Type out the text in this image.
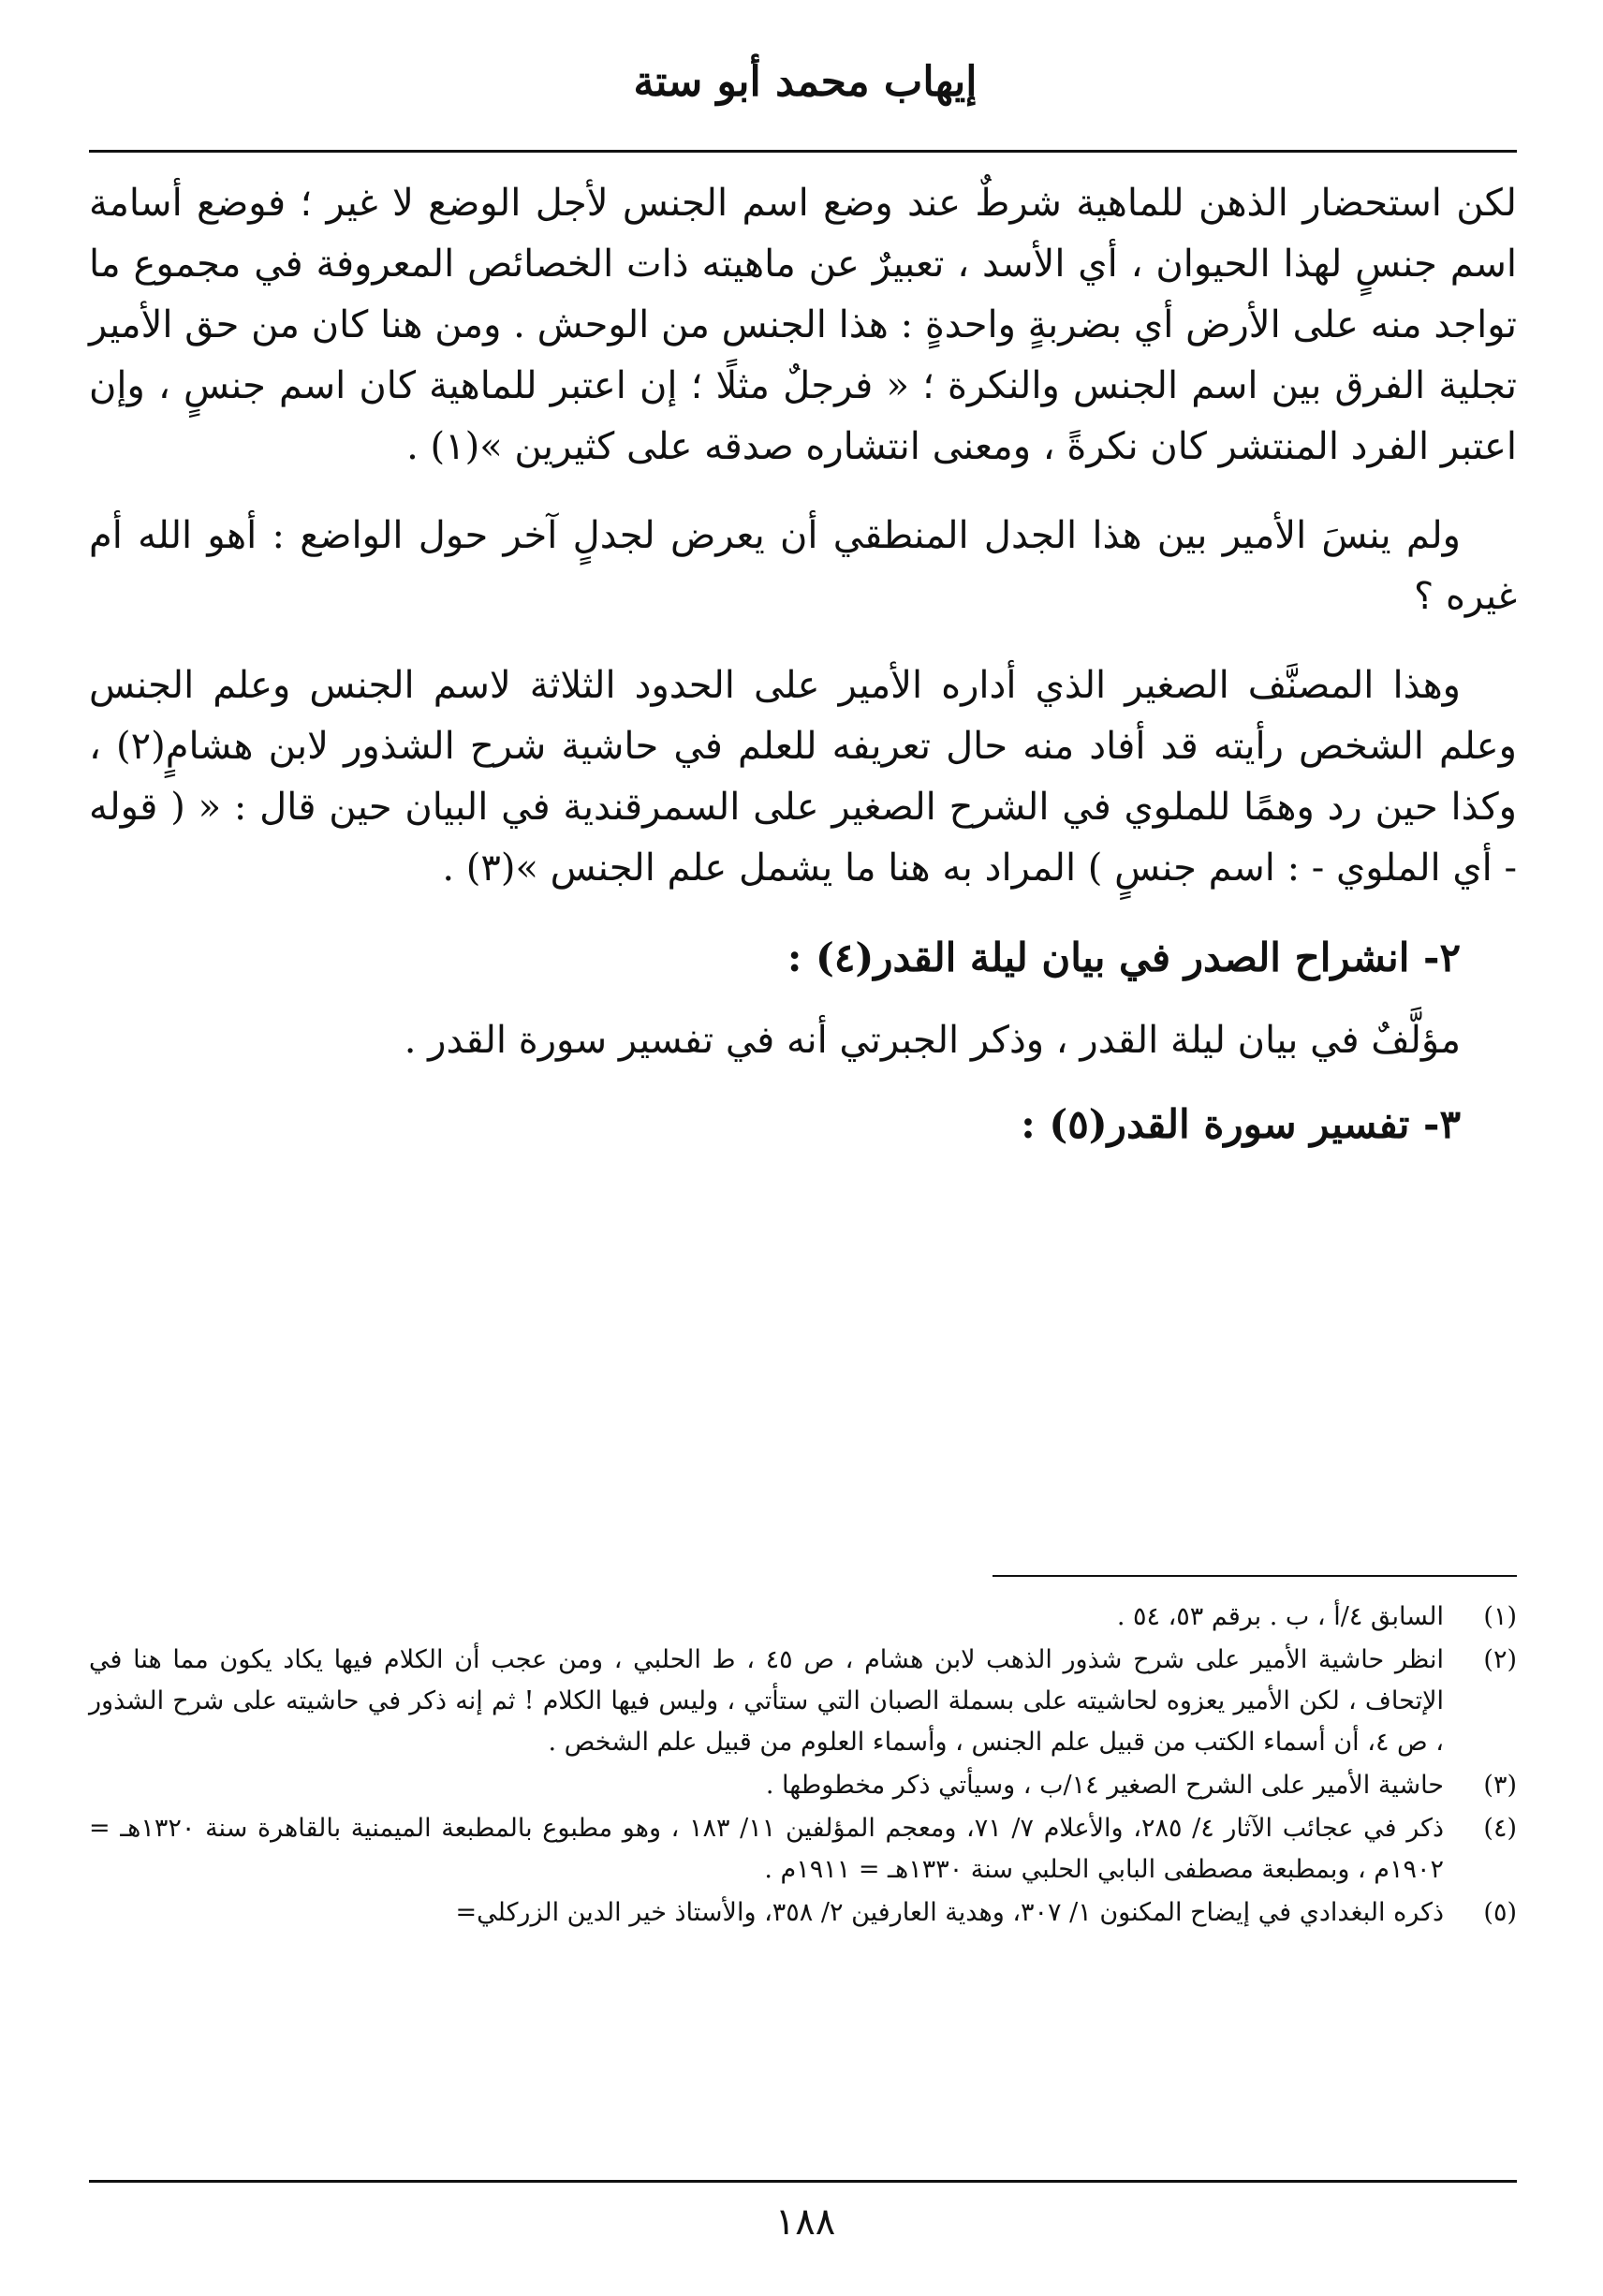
إيهاب محمد أبو ستة

لكن استحضار الذهن للماهية شرطٌ عند وضع اسم الجنس لأجل الوضع لا غير ؛ فوضع أسامة اسم جنسٍ لهذا الحيوان ، أي الأسد ، تعبيرٌ عن ماهيته ذات الخصائص المعروفة في مجموع ما تواجد منه على الأرض أي بضربةٍ واحدةٍ : هذا الجنس من الوحش . ومن هنا كان من حق الأمير تجلية الفرق بين اسم الجنس والنكرة ؛ « فرجلٌ مثلًا ؛ إن اعتبر للماهية كان اسم جنسٍ ، وإن اعتبر الفرد المنتشر كان نكرةً ، ومعنى انتشاره صدقه على كثيرين »(١) .

ولم ينسَ الأمير بين هذا الجدل المنطقي أن يعرض لجدلٍ آخر حول الواضع : أهو الله أم غيره ؟

وهذا المصنَّف الصغير الذي أداره الأمير على الحدود الثلاثة لاسم الجنس وعلم الجنس وعلم الشخص رأيته قد أفاد منه حال تعريفه للعلم في حاشية شرح الشذور لابن هشامٍ(٢) ، وكذا حين رد وهمًا للملوي في الشرح الصغير على السمرقندية في البيان حين قال : « ( قوله - أي الملوي - : اسم جنسٍ ) المراد به هنا ما يشمل علم الجنس »(٣) .

٢- انشراح الصدر في بيان ليلة القدر(٤) :

مؤلَّفٌ في بيان ليلة القدر ، وذكر الجبرتي أنه في تفسير سورة القدر .

٣- تفسير سورة القدر(٥) :

(١)
السابق ٤/أ ، ب . برقم ٥٣، ٥٤ .
(٢)
انظر حاشية الأمير على شرح شذور الذهب لابن هشام ، ص ٤٥ ، ط الحلبي ، ومن عجب أن الكلام فيها يكاد يكون مما هنا في الإتحاف ، لكن الأمير يعزوه لحاشيته على بسملة الصبان التي ستأتي ، وليس فيها الكلام ! ثم إنه ذكر في حاشيته على شرح الشذور ، ص ٤، أن أسماء الكتب من قبيل علم الجنس ، وأسماء العلوم من قبيل علم الشخص .
(٣)
حاشية الأمير على الشرح الصغير ١٤/ب ، وسيأتي ذكر مخطوطها .
(٤)
ذكر في عجائب الآثار ٤/ ٢٨٥، والأعلام ٧/ ٧١، ومعجم المؤلفين ١١/ ١٨٣ ، وهو مطبوع بالمطبعة الميمنية بالقاهرة سنة ١٣٢٠هـ = ١٩٠٢م ، وبمطبعة مصطفى البابي الحلبي سنة ١٣٣٠هـ = ١٩١١م .
(٥)
ذكره البغدادي في إيضاح المكنون ١/ ٣٠٧، وهدية العارفين ٢/ ٣٥٨، والأستاذ خير الدين الزركلي=
١٨٨
